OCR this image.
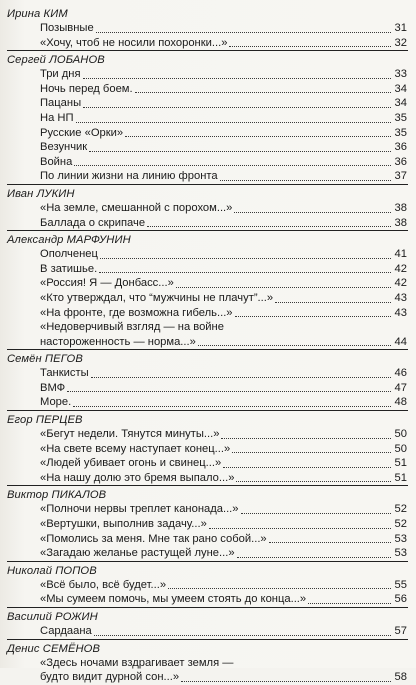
Ирина КИМ
Позывные	31
«Хочу, чтоб не носили похоронки...»	32
Сергей ЛОБАНОВ
Три дня	33
Ночь перед боем.	34
Пацаны	34
На НП	35
Русские «Орки»	35
Везунчик	36
Война	36
По линии жизни на линию фронта	37
Иван ЛУКИН
«На земле, смешанной с порохом...»	38
Баллада о скрипаче	38
Александр МАРФУНИН
Ополченец	41
В затишье.	42
«Россия! Я — Донбасс...»	42
«Кто утверждал, что “мужчины не плачут”...»	43
«На фронте, где возможна гибель...»	43
«Недоверчивый взгляд — на войне
настороженность — норма...»	44
Семён ПЕГОВ
Танкисты	46
ВМФ	47
Море.	48
Егор ПЕРЦЕВ
«Бегут недели. Тянутся минуты...»	50
«На свете всему наступает конец...»	50
«Людей убивает огонь и свинец...»	51
«На нашу долю это бремя выпало...»	51
Виктор ПИКАЛОВ
«Полночи нервы треплет канонада...»	52
«Вертушки, выполнив задачу...»	52
«Помолись за меня. Мне так рано собой...»	53
«Загадаю желанье растущей луне...»	53
Николай ПОПОВ
«Всё было, всё будет...»	55
«Мы сумеем помочь, мы умеем стоять до конца...»	56
Василий РОЖИН
Сардаана	57
Денис СЕМЁНОВ
«Здесь ночами вздрагивает земля —
будто видит дурной сон...»	58
